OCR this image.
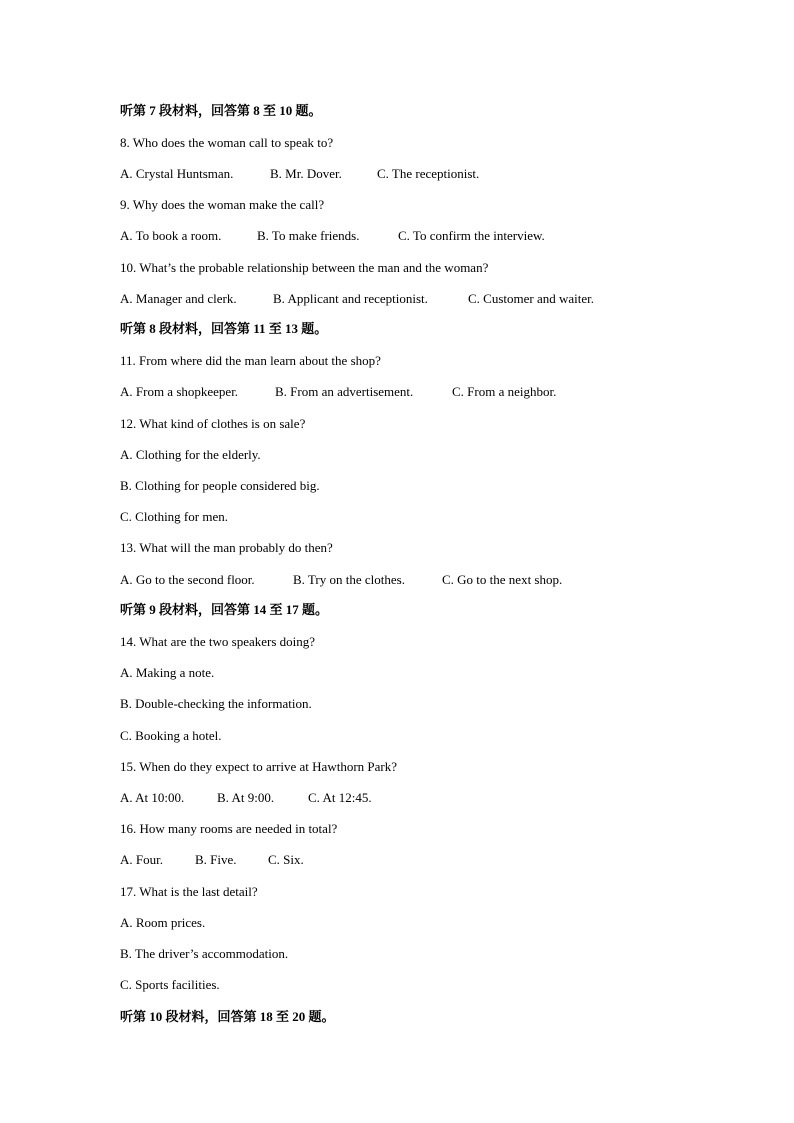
听第 7 段材料，回答第 8 至 10 题。
8. Who does the woman call to speak to?
A. Crystal Huntsman.	B. Mr. Dover.	C. The receptionist.
9. Why does the woman make the call?
A. To book a room.	B. To make friends.	C. To confirm the interview.
10. What’s the probable relationship between the man and the woman?
A. Manager and clerk.	B. Applicant and receptionist.	C. Customer and waiter.
听第 8 段材料，回答第 11 至 13 题。
11. From where did the man learn about the shop?
A. From a shopkeeper.	B. From an advertisement.	C. From a neighbor.
12. What kind of clothes is on sale?
A. Clothing for the elderly.
B. Clothing for people considered big.
C. Clothing for men.
13. What will the man probably do then?
A. Go to the second floor.	B. Try on the clothes.	C. Go to the next shop.
听第 9 段材料，回答第 14 至 17 题。
14. What are the two speakers doing?
A. Making a note.
B. Double-checking the information.
C. Booking a hotel.
15. When do they expect to arrive at Hawthorn Park?
A. At 10:00.	B. At 9:00.	C. At 12:45.
16. How many rooms are needed in total?
A. Four. B. Five. C. Six.
17. What is the last detail?
A. Room prices.
B. The driver’s accommodation.
C. Sports facilities.
听第 10 段材料，回答第 18 至 20 题。
